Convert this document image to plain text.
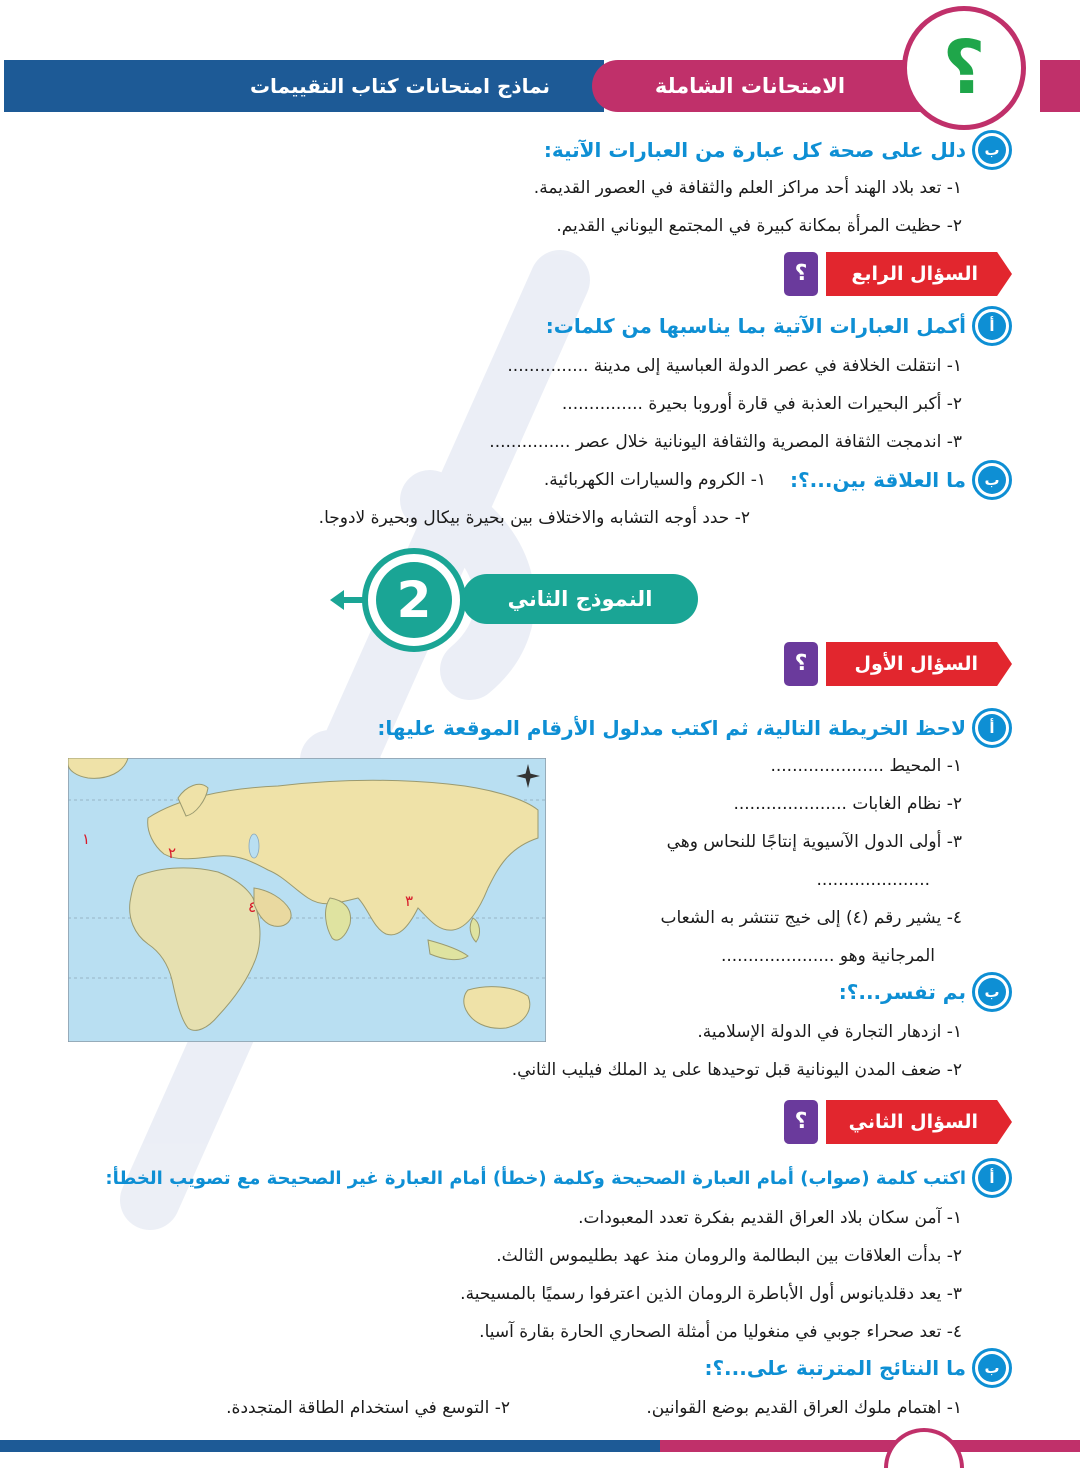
نماذج امتحانات كتاب التقييمات	الامتحانات الشاملة	؟
ب
دلل على صحة كل عبارة من العبارات الآتية:
١- تعد بلاد الهند أحد مراكز العلم والثقافة في العصور القديمة.
٢- حظيت المرأة بمكانة كبيرة في المجتمع اليوناني القديم.
السؤال الرابع
؟
أ
أكمل العبارات الآتية بما يناسبها من كلمات:
١- انتقلت الخلافة في عصر الدولة العباسية إلى مدينة ...............
٢- أكبر البحيرات العذبة في قارة أوروبا بحيرة ...............
٣- اندمجت الثقافة المصرية والثقافة اليونانية خلال عصر ...............
ب
ما العلاقة بين...؟:
١- الكروم والسيارات الكهربائية.
٢- حدد أوجه التشابه والاختلاف بين بحيرة بيكال وبحيرة لادوجا.
النموذج الثاني
2
السؤال الأول
؟
أ
لاحظ الخريطة التالية، ثم اكتب مدلول الأرقام الموقعة عليها:
١- المحيط .....................
٢- نظام الغابات .....................
٣- أولى الدول الآسيوية إنتاجًا للنحاس وهي
.....................
٤- يشير رقم (٤) إلى خيج تنتشر به الشعاب
المرجانية وهو .....................
١
٢
٣
٤
ب
بم تفسر...؟:
١- ازدهار التجارة في الدولة الإسلامية.
٢- ضعف المدن اليونانية قبل توحيدها على يد الملك فيليب الثاني.
السؤال الثاني
؟
أ
اكتب كلمة (صواب) أمام العبارة الصحيحة وكلمة (خطأ) أمام العبارة غير الصحيحة مع تصويب الخطأ:
١- آمن سكان بلاد العراق القديم بفكرة تعدد المعبودات.
٢- بدأت العلاقات بين البطالمة والرومان منذ عهد بطليموس الثالث.
٣- يعد دقلديانوس أول الأباطرة الرومان الذين اعترفوا رسميًا بالمسيحية.
٤- تعد صحراء جوبي في منغوليا من أمثلة الصحاري الحارة بقارة آسيا.
ب
ما النتائج المترتبة على...؟:
١- اهتمام ملوك العراق القديم بوضع القوانين.
٢- التوسع في استخدام الطاقة المتجددة.
